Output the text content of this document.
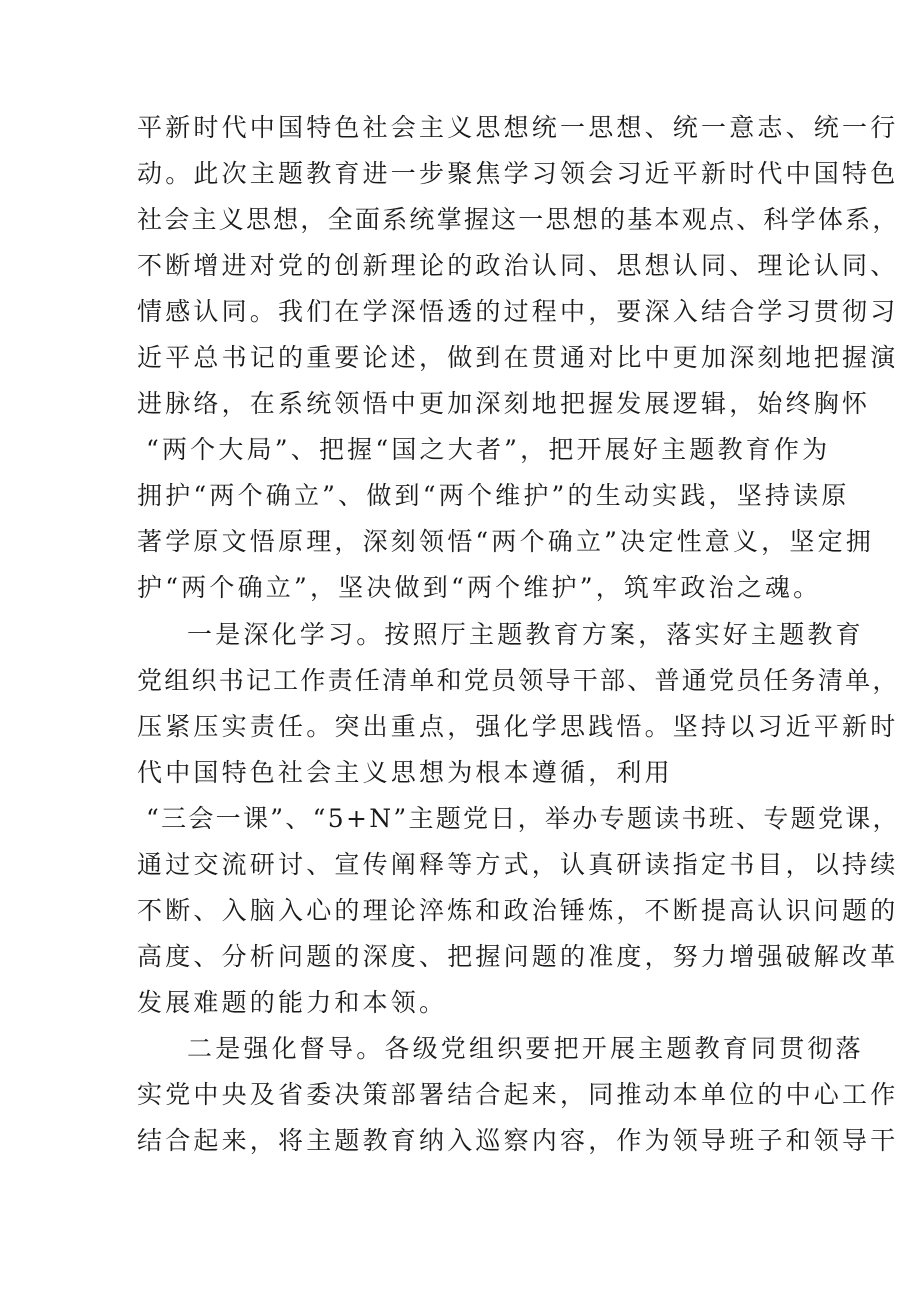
平新时代中国特色社会主义思想统一思想、统一意志、统一行
动。此次主题教育进一步聚焦学习领会习近平新时代中国特色
社会主义思想，全面系统掌握这一思想的基本观点、科学体系，
不断增进对党的创新理论的政治认同、思想认同、理论认同、
情感认同。我们在学深悟透的过程中，要深入结合学习贯彻习
近平总书记的重要论述，做到在贯通对比中更加深刻地把握演
进脉络，在系统领悟中更加深刻地把握发展逻辑，始终胸怀
“两个大局”、把握“国之大者”，把开展好主题教育作为
拥护“两个确立”、做到“两个维护”的生动实践，坚持读原
著学原文悟原理，深刻领悟“两个确立”决定性意义，坚定拥
护“两个确立”，坚决做到“两个维护”，筑牢政治之魂。
一是深化学习。按照厅主题教育方案，落实好主题教育
党组织书记工作责任清单和党员领导干部、普通党员任务清单，
压紧压实责任。突出重点，强化学思践悟。坚持以习近平新时
代中国特色社会主义思想为根本遵循，利用
“三会一课”、“5+N”主题党日，举办专题读书班、专题党课，
通过交流研讨、宣传阐释等方式，认真研读指定书目，以持续
不断、入脑入心的理论淬炼和政治锤炼，不断提高认识问题的
高度、分析问题的深度、把握问题的准度，努力增强破解改革
发展难题的能力和本领。
二是强化督导。各级党组织要把开展主题教育同贯彻落
实党中央及省委决策部署结合起来，同推动本单位的中心工作
结合起来，将主题教育纳入巡察内容，作为领导班子和领导干
